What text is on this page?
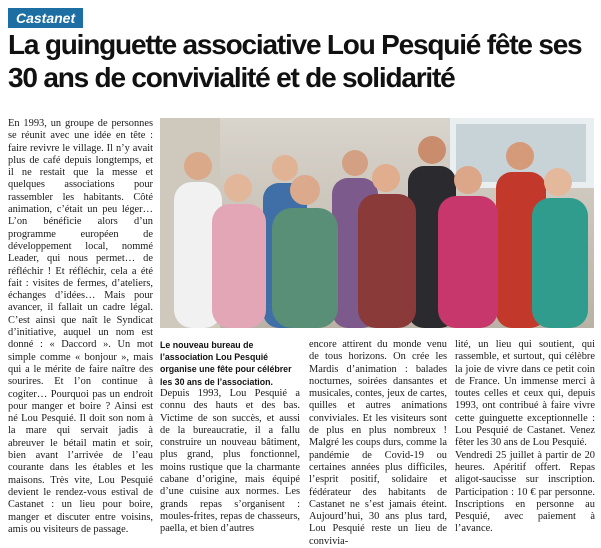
Castanet
La guinguette associative Lou Pesquié fête ses 30 ans de convivialité et de solidarité

En 1993, un groupe de personnes se réunit avec une idée en tête : faire revivre le village. Il n’y avait plus de café depuis longtemps, et il ne restait que la messe et quelques associations pour rassembler les habitants. Côté animation, c’était un peu léger… L’on bénéficie alors d’un programme européen de développement local, nommé Leader, qui nous permet… de réfléchir ! Et réfléchir, cela a été fait : visites de fermes, d’ateliers, échanges d’idées… Mais pour avancer, il fallait un cadre légal. C’est ainsi que naît le Syndicat d’initiative, auquel un nom est donné : « Daccord ». Un mot simple comme « bonjour », mais qui a le mérite de faire naître des sourires. Et l’on continue à cogiter… Pourquoi pas un endroit pour manger et boire ? Ainsi est né Lou Pesquié. Il doit son nom à la mare qui servait jadis à abreuver le bétail matin et soir, bien avant l’arrivée de l’eau courante dans les étables et les maisons. Très vite, Lou Pesquié devient le rendez-vous estival de Castanet : un lieu pour boire, manger et discuter entre voisins, amis ou visiteurs de passage.

Le nouveau bureau de l’association Lou Pesquié organise une fête pour célébrer les 30 ans de l’association.

Depuis 1993, Lou Pesquié a connu des hauts et des bas. Victime de son succès, et aussi de la bureaucratie, il a fallu construire un nouveau bâtiment, plus grand, plus fonctionnel, moins rustique que la charmante cabane d’origine, mais équipé d’une cuisine aux normes. Les grands repas s’organisent : moules-frites, repas de chasseurs, paella, et bien d’autres

encore attirent du monde venu de tous horizons. On crée les Mardis d’animation : balades nocturnes, soirées dansantes et musicales, contes, jeux de cartes, quilles et autres animations conviviales. Et les visiteurs sont de plus en plus nombreux ! Malgré les coups durs, comme la pandémie de Covid-19 ou certaines années plus difficiles, l’esprit positif, solidaire et fédérateur des habitants de Castanet ne s’est jamais éteint. Aujourd’hui, 30 ans plus tard, Lou Pesquié reste un lieu de convivia-

lité, un lieu qui soutient, qui rassemble, et surtout, qui célèbre la joie de vivre dans ce petit coin de France. Un immense merci à toutes celles et ceux qui, depuis 1993, ont contribué à faire vivre cette guinguette exceptionnelle : Lou Pesquié de Castanet. Venez fêter les 30 ans de Lou Pesquié.

Vendredi 25 juillet à partir de 20 heures. Apéritif offert. Repas aligot-saucisse sur inscription. Participation : 10 € par personne. Inscriptions en personne au Pesquié, avec paiement à l’avance.
